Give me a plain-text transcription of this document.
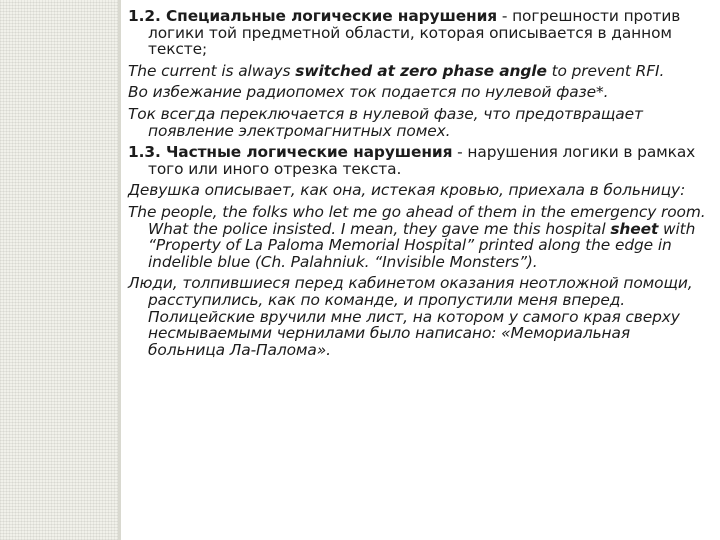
1.2. Специальные логические нарушения - погрешности против логики той предметной области, которая описывается в данном тексте;

The current is always switched at zero phase angle to prevent RFI.

Во избежание радиопомех ток подается по нулевой фазе*.

Ток всегда переключается в нулевой фазе, что предотвращает появление электромагнитных помех.

1.3. Частные логические нарушения - нарушения логики в рамках того или иного отрезка текста.

Девушка описывает, как она, истекая кровью, приехала в больницу:

The people, the folks who let me go ahead of them in the emergency room. What the police insisted. I mean, they gave me this hospital sheet with “Property of La Paloma Memorial Hospital” printed along the edge in indelible blue (Ch. Palahniuk. “Invisible Monsters”).

Люди, толпившиеся перед кабинетом оказания неотложной помощи, расступились, как по команде, и пропустили меня вперед. Полицейские вручили мне лист, на котором у самого края сверху несмываемыми чернилами было написано: «Мемориальная больница Ла-Палома».
